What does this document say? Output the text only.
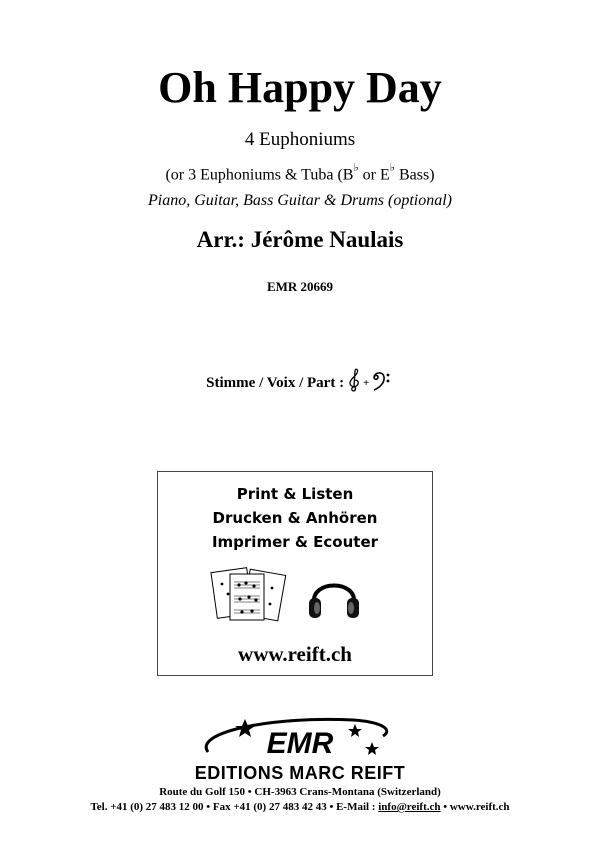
Oh Happy Day
4 Euphoniums
(or 3 Euphoniums & Tuba (B♭ or E♭ Bass)
Piano, Guitar, Bass Guitar & Drums (optional)
Arr.: Jérôme Naulais
EMR 20669
Stimme / Voix / Part : +
Print & Listen
Drucken & Anhören
Imprimer & Ecouter
www.reift.ch
EMR
EDITIONS MARC REIFT
Route du Golf 150 • CH-3963 Crans-Montana (Switzerland)
Tel. +41 (0) 27 483 12 00 • Fax +41 (0) 27 483 42 43 • E-Mail : info@reift.ch • www.reift.ch
